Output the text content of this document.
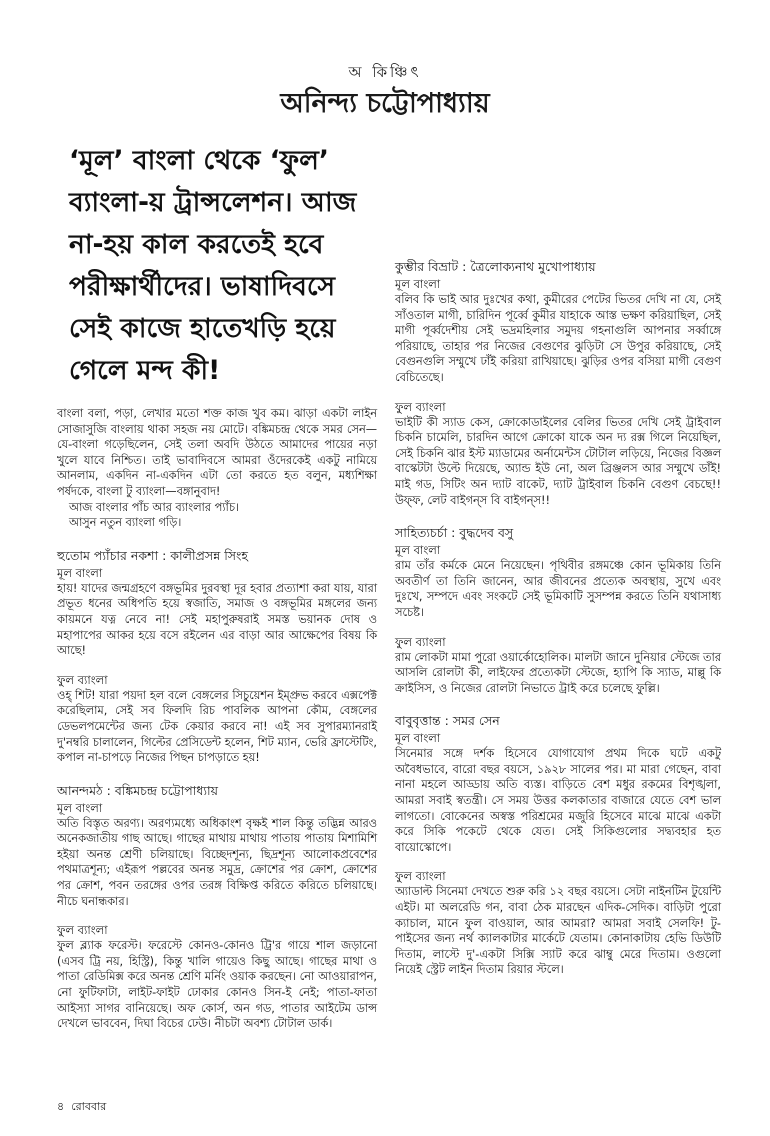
অ কিঞ্চিৎ
অনিন্দ্য চট্টোপাধ্যায়
‘মূল’ বাংলা থেকে ‘ফুল’ ব্যাংলা-য় ট্রান্সলেশন। আজ না-হয় কাল করতেই হবে পরীক্ষার্থীদের। ভাষাদিবসে সেই কাজে হাতেখড়ি হয়ে গেলে মন্দ কী!

বাংলা বলা, পড়া, লেখার মতো শক্ত কাজ খুব কম। ঝাড়া একটা লাইন সোজাসুজি বাংলায় থাকা সহজ নয় মোটে। বঙ্কিমচন্দ্র থেকে সমর সেন—যে-বাংলা গড়েছিলেন, সেই তলা অবদি উঠতে আমাদের পায়ের নড়া খুলে যাবে নিশ্চিত। তাই ভাবাদিবসে আমরা ওঁদেরকেই একটু নামিয়ে আনলাম, একদিন না-একদিন এটা তো করতে হত বলুন, মধ্যশিক্ষা পর্ষদকে, বাংলা টু ব্যাংলা—বঙ্গানুবাদ!

আজ বাংলার পাঁচ আর ব্যাংলার প্যাঁচ।

আসুন নতুন ব্যাংলা গড়ি।

হুতোম প্যাঁচার নকশা : কালীপ্রসন্ন সিংহ

মূল বাংলা

হায়! যাদের জন্মগ্রহণে বঙ্গভূমির দুরবস্থা দূর হবার প্রত্যাশা করা যায়, যারা প্রভূত ধনের অধিপতি হয়ে স্বজাতি, সমাজ ও বঙ্গভূমির মঙ্গলের জন্য কায়মনে যত্ন নেবে না! সেই মহাপুরুষরাই সমস্ত ভয়ানক দোষ ও মহাপাপের আকর হয়ে বসে রইলেন এর বাড়া আর আক্ষেপের বিষয় কি আছে!

ফুল ব্যাংলা

ওহ্ শিট! যারা পয়দা হল বলে বেঙ্গলের সিচুয়েশন ইম্প্রুভ করবে এক্সপেক্ট করেছিলাম, সেই সব ফিলদি রিচ পাবলিক আপনা কৌম, বেঙ্গলের ডেভলপমেন্টের জন্য টেক কেয়ার করবে না! এই সব সুপারম্যানরাই দু'নম্বরি চালালেন, গিল্টের প্রেসিডেন্ট হলেন, শিট ম্যান, ভেরি ফ্রাস্টেটিং, কপাল না-চাপড়ে নিজের পিছন চাপড়াতে হয়!

আনন্দমঠ : বঙ্কিমচন্দ্র চট্টোপাধ্যায়

মূল বাংলা

অতি বিস্তৃত অরণ্য। অরণ্যমধ্যে অধিকাংশ বৃক্ষই শাল কিন্তু তদ্ভিন্ন আরও অনেকজাতীয় গাছ আছে। গাছের মাথায় মাথায় পাতায় পাতায় মিশামিশি হইয়া অনন্ত শ্রেণী চলিয়াছে। বিচ্ছেদশূন্য, ছিদ্রশূন্য আলোকপ্রবেশের পথমাত্রশূন্য; এইরূপ পল্লবের অনন্ত সমুদ্র, ক্রোশের পর ক্রোশ, ক্রোশের পর ক্রোশ, পবন তরঙ্গের ওপর তরঙ্গ বিক্ষিপ্ত করিতে করিতে চলিয়াছে। নীচে ঘনান্ধকার।

ফুল ব্যাংলা

ফুল ব্ল্যাক ফরেস্ট। ফরেস্টে কোনও-কোনও ট্রি'র গায়ে শাল জড়ানো (এসব ট্রি নয়, হিস্ট্রি), কিন্তু খালি গায়েও কিছু আছে। গাছের মাথা ও পাতা রেডিমিক্স করে অনন্ত শ্রেণি মর্নিং ওয়াক করছেন। নো আওয়ারাপন, নো ফুটিফাটা, লাইট-ফাইট ঢোকার কোনও সিন-ই নেই; পাতা-ফাতা আইস্যা সাগর বানিয়েছে। অফ কোর্স, অন গড, পাতার আইটেম ডান্স দেখলে ভাববেন, দিঘা বিচের ঢেউ। নীচটা অবশ্য টোটাল ডার্ক।

কুম্ভীর বিভ্রাট : ত্রৈলোক্যনাথ মুখোপাধ্যায়

মূল বাংলা

বলিব কি ভাই আর দুঃখের কথা, কুমীরের পেটের ভিতর দেখি না যে, সেই সাঁওতাল মাগী, চারিদিন পূর্ব্বে কুমীর যাহাকে আস্ত ভক্ষণ করিয়াছিল, সেই মাগী পূর্ব্বদেশীয় সেই ভদ্রমহিলার সমুদয় গহনাগুলি আপনার সর্ব্বাঙ্গে পরিয়াছে, তাহার পর নিজের বেগুণের ঝুড়িটা সে উপুর করিয়াছে, সেই বেগুনগুলি সম্মুখে ঢাঁই করিয়া রাখিয়াছে। ঝুড়ির ওপর বসিয়া মাগী বেগুণ বেচিতেছে।

ফুল ব্যাংলা

ভাইটি কী স্যাড কেস, ক্রোকোডাইলের বেলির ভিতর দেখি সেই ট্রাইবাল চিকনি চামেলি, চারদিন আগে ক্রোকো যাকে অন দ্য রক্স গিলে নিয়েছিল, সেই চিকনি ঝার ইস্ট ম্যাডামের অর্নামেন্টস টোটাল লড়িয়ে, নিজের বিজ্ঞল বাস্কেটটা উল্টে দিয়েছে, অ্যান্ড ইউ নো, অল ব্রিঞ্জলস আর সম্মুখে ডাঁই! মাই গড, সিটিং অন দ্যাট বাকেট, দ্যাট ট্রাইবাল চিকনি বেগুণ বেচছে!! উফ্‌ফ, লেট বাইগন্‌স বি বাইগন্‌স!!

সাহিত্যচর্চা : বুদ্ধদেব বসু

মূল বাংলা

রাম তাঁর কর্মকে মেনে নিয়েছেন। পৃথিবীর রঙ্গমঞ্চে কোন ভূমিকায় তিনি অবতীর্ণ তা তিনি জানেন, আর জীবনের প্রত্যেক অবস্থায়, সুখে এবং দুঃখে, সম্পদে এবং সংকটে সেই ভূমিকাটি সুসম্পন্ন করতে তিনি যথাসাধ্য সচেষ্ট।

ফুল ব্যাংলা

রাম লোকটা মামা পুরো ওয়ার্কোহোলিক। মালটা জানে দুনিয়ার স্টেজে তার আসলি রোলটা কী, লাইফের প্রত্যেকটা স্টেজে, হ্যাপি কি স্যাড, মাল্লু কি ক্রাইসিস, ও নিজের রোলটা নিভাতে ট্রাই করে চলেছে ফুল্লি।

বাবুবৃত্তান্ত : সমর সেন

মূল বাংলা

সিনেমার সঙ্গে দর্শক হিসেবে যোগাযোগ প্রথম দিকে ঘটে একটু অবৈধভাবে, বারো বছর বয়সে, ১৯২৮ সালের পর। মা মারা গেছেন, বাবা নানা মহলে আড্ডায় অতি ব্যস্ত। বাড়িতে বেশ মধুর রকমের বিশৃঙ্খলা, আমরা সবাই স্বতন্ত্রী। সে সময় উত্তর কলকাতার বাজারে যেতে বেশ ভাল লাগতো। বোকেনের অস্বস্ত পরিশ্রমের মজুরি হিসেবে মাঝে মাঝে একটা করে সিকি পকেটে থেকে যেত। সেই সিকিগুলোর সদ্ব্যবহার হত বায়োস্কোপে।

ফুল ব্যাংলা

অ্যাডাল্ট সিনেমা দেখতে শুরু করি ১২ বছর বয়সে। সেটা নাইনটিন টুয়েন্টি এইট। মা অলরেডি গন, বাবা ঠেক মারছেন এদিক-সেদিক। বাড়িটা পুরো ক্যাচাল, মানে ফুল বাওয়াল, আর আমরা? আমরা সবাই সেলফি! টু-পাইসের জন্য নর্থ ক্যালকাটার মার্কেটে যেতাম। কোনাকাটায় হেভি ডিউটি দিতাম, লাস্টে দু'-একটা সিক্সি স্যাট করে ঝাম্বু মেরে দিতাম। ওগুলো নিয়েই স্ট্রেট লাইন দিতাম রিয়ার স্টলে।

৪ রোববার
